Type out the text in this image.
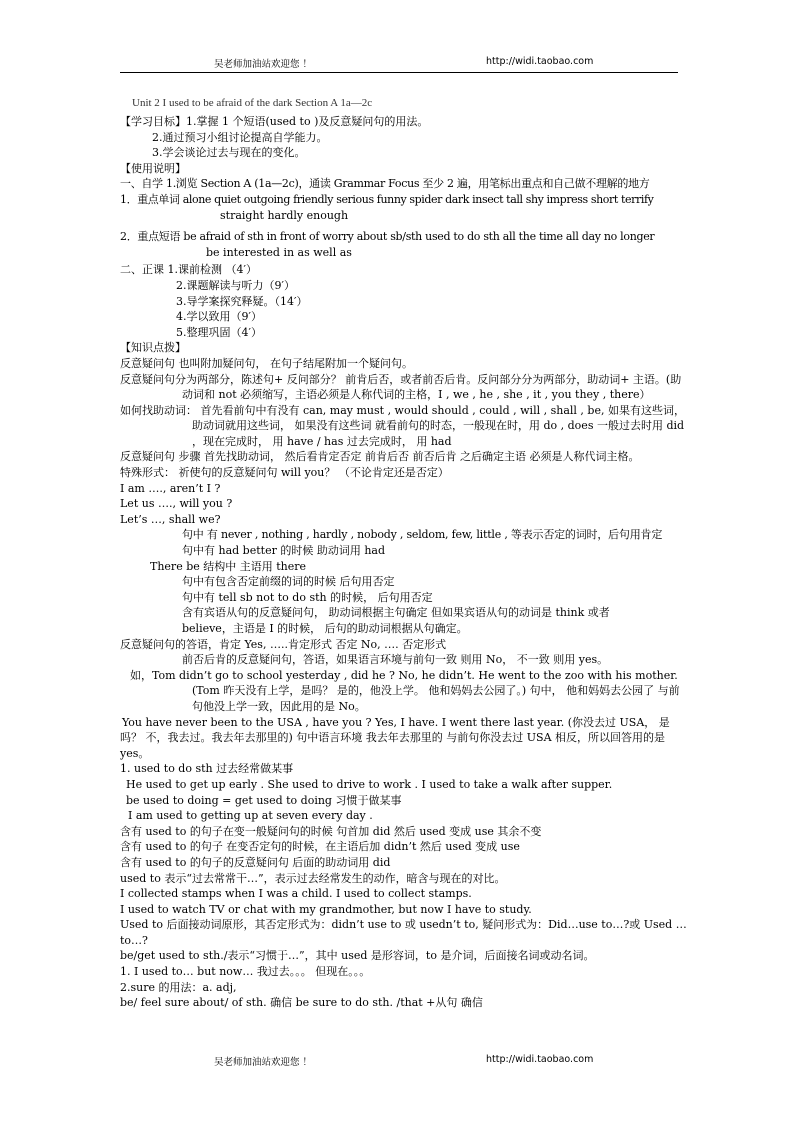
吴老师加油站欢迎您 ！	http://widi.taobao.com
Unit 2 I used to be afraid of the dark Section A 1a—2c
【学习目标】1.掌握 1 个短语(used to )及反意疑问句的用法。
2.通过预习小组讨论提高自学能力。
3.学会谈论过去与现在的变化。
【使用说明】
一、自学 1.浏览 Section A (1a—2c)，通读 Grammar Focus 至少 2 遍，用笔标出重点和自己做不理解的地方
1．重点单词 alone quiet outgoing friendly serious funny spider dark insect tall shy impress short terrify
straight hardly enough
2．重点短语 be afraid of sth in front of worry about sb/sth used to do sth all the time all day no longer
be interested in as well as
二、正课 1.课前检测 （4′）
2.课题解读与听力（9′）
3.导学案探究释疑。（14′）
4.学以致用（9′）
5.整理巩固（4′）
【知识点拨】
反意疑问句 也叫附加疑问句， 在句子结尾附加一个疑问句。
反意疑问句分为两部分，陈述句+ 反问部分？ 前肯后否，或者前否后肯。反问部分分为两部分，助动词+ 主语。(助动词和 not 必须缩写，主语必须是人称代词的主格，I , we , he , she , it , you they , there）
如何找助动词： 首先看前句中有没有 can, may must , would should , could , will , shall , be, 如果有这些词，助动词就用这些词， 如果没有这些词 就看前句的时态，一般现在时，用 do , does 一般过去时用 did ，现在完成时， 用 have / has 过去完成时， 用 had
反意疑问句 步骤 首先找助动词， 然后看肯定否定 前肯后否 前否后肯 之后确定主语 必须是人称代词主格。
特殊形式： 祈使句的反意疑问句 will you？ （不论肯定还是否定）
I am …., aren’t I ?
Let us …., will you ?
Let’s …, shall we?
句中 有 never , nothing , hardly , nobody , seldom, few, little , 等表示否定的词时，后句用肯定
句中有 had better 的时候 助动词用 had
There be 结构中 主语用 there
句中有包含否定前缀的词的时候 后句用否定
句中有 tell sb not to do sth 的时候， 后句用否定
含有宾语从句的反意疑问句， 助动词根据主句确定 但如果宾语从句的动词是 think 或者
believe，主语是 I 的时候， 后句的助动词根据从句确定。
反意疑问句的答语，肯定 Yes, …..肯定形式 否定 No, …. 否定形式
前否后肯的反意疑问句，答语，如果语言环境与前句一致 则用 No， 不一致 则用 yes。
如，Tom didn’t go to school yesterday , did he ? No, he didn’t. He went to the zoo with his mother. (Tom 昨天没有上学，是吗？ 是的，他没上学。 他和妈妈去公园了。) 句中， 他和妈妈去公园了 与前句他没上学一致，因此用的是 No。
You have never been to the USA , have you ? Yes, I have. I went there last year. (你没去过 USA， 是吗？ 不，我去过。我去年去那里的) 句中语言环境 我去年去那里的 与前句你没去过 USA 相反，所以回答用的是 yes。
1. used to do sth 过去经常做某事
He used to get up early . She used to drive to work . I used to take a walk after supper.
be used to doing = get used to doing 习惯于做某事
I am used to getting up at seven every day .
含有 used to 的句子在变一般疑问句的时候 句首加 did 然后 used 变成 use 其余不变
含有 used to 的句子 在变否定句的时候，在主语后加 didn’t 然后 used 变成 use
含有 used to 的句子的反意疑问句 后面的助动词用 did
used to 表示“过去常常干…”，表示过去经常发生的动作，暗含与现在的对比。
I collected stamps when I was a child. I used to collect stamps.
I used to watch TV or chat with my grandmother, but now I have to study.
Used to 后面接动词原形，其否定形式为：didn’t use to 或 usedn’t to, 疑问形式为：Did…use to…?或 Used … to…?
be/get used to sth./表示“习惯于…”，其中 used 是形容词，to 是介词，后面接名词或动名词。
1. I used to… but now… 我过去。。。 但现在。。。
2.sure 的用法：a. adj,
be/ feel sure about/ of sth. 确信 be sure to do sth. /that +从句 确信
吴老师加油站欢迎您 ！	http://widi.taobao.com
